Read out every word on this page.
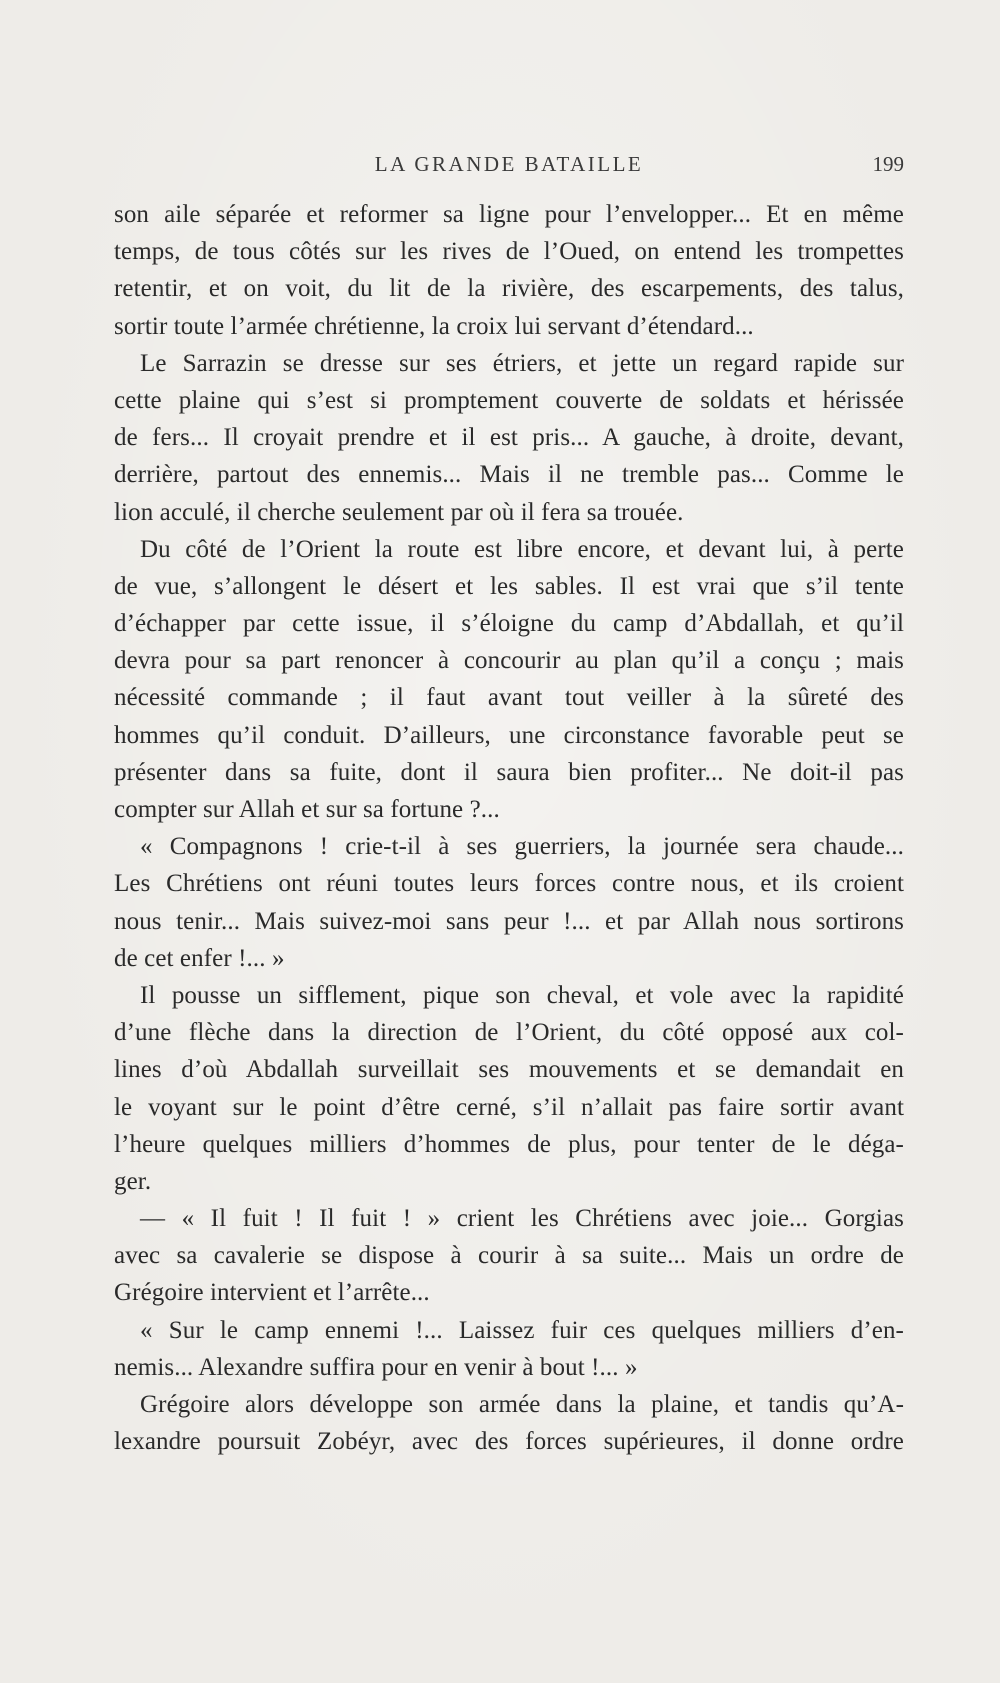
LA GRANDE BATAILLE	199
son aile séparée et reformer sa ligne pour l’envelopper... Et en même
temps, de tous côtés sur les rives de l’Oued, on entend les trompettes
retentir, et on voit, du lit de la rivière, des escarpements, des talus,
sortir toute l’armée chrétienne, la croix lui servant d’étendard...
Le Sarrazin se dresse sur ses étriers, et jette un regard rapide sur
cette plaine qui s’est si promptement couverte de soldats et hérissée
de fers... Il croyait prendre et il est pris... A gauche, à droite, devant,
derrière, partout des ennemis... Mais il ne tremble pas... Comme le
lion acculé, il cherche seulement par où il fera sa trouée.
Du côté de l’Orient la route est libre encore, et devant lui, à perte
de vue, s’allongent le désert et les sables. Il est vrai que s’il tente
d’échapper par cette issue, il s’éloigne du camp d’Abdallah, et qu’il
devra pour sa part renoncer à concourir au plan qu’il a conçu ; mais
nécessité commande ; il faut avant tout veiller à la sûreté des
hommes qu’il conduit. D’ailleurs, une circonstance favorable peut se
présenter dans sa fuite, dont il saura bien profiter... Ne doit-il pas
compter sur Allah et sur sa fortune ?...
« Compagnons ! crie-t-il à ses guerriers, la journée sera chaude...
Les Chrétiens ont réuni toutes leurs forces contre nous, et ils croient
nous tenir... Mais suivez-moi sans peur !... et par Allah nous sortirons
de cet enfer !... »
Il pousse un sifflement, pique son cheval, et vole avec la rapidité
d’une flèche dans la direction de l’Orient, du côté opposé aux col-
lines d’où Abdallah surveillait ses mouvements et se demandait en
le voyant sur le point d’être cerné, s’il n’allait pas faire sortir avant
l’heure quelques milliers d’hommes de plus, pour tenter de le déga-
ger.
— « Il fuit ! Il fuit ! » crient les Chrétiens avec joie... Gorgias
avec sa cavalerie se dispose à courir à sa suite... Mais un ordre de
Grégoire intervient et l’arrête...
« Sur le camp ennemi !... Laissez fuir ces quelques milliers d’en-
nemis... Alexandre suffira pour en venir à bout !... »
Grégoire alors développe son armée dans la plaine, et tandis qu’A-
lexandre poursuit Zobéyr, avec des forces supérieures, il donne ordre
